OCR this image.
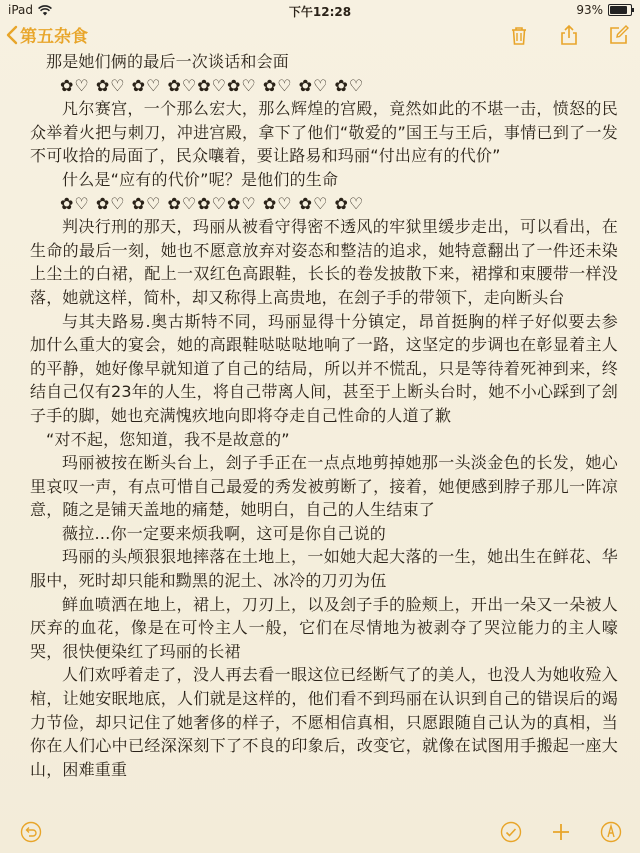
iPad	下午12:28	93%
第五杂食

那是她们俩的最后一次谈话和会面

✿♡ ✿♡ ✿♡ ✿♡✿♡✿♡ ✿♡ ✿♡ ✿♡

凡尔赛宫，一个那么宏大，那么辉煌的宫殿，竟然如此的不堪一击，愤怒的民众举着火把与刺刀，冲进宫殿，拿下了他们“敬爱的”国王与王后，事情已到了一发不可收拾的局面了，民众嚷着，要让路易和玛丽“付出应有的代价”

什么是“应有的代价”呢？是他们的生命

✿♡ ✿♡ ✿♡ ✿♡✿♡✿♡ ✿♡ ✿♡ ✿♡

判决行刑的那天，玛丽从被看守得密不透风的牢狱里缓步走出，可以看出，在生命的最后一刻，她也不愿意放弃对姿态和整洁的追求，她特意翻出了一件还未染上尘土的白裙，配上一双红色高跟鞋，长长的卷发披散下来，裙撑和束腰带一样没落，她就这样，简朴，却又称得上高贵地，在刽子手的带领下，走向断头台

与其夫路易.奥古斯特不同，玛丽显得十分镇定，昂首挺胸的样子好似要去参加什么重大的宴会，她的高跟鞋哒哒哒地响了一路，这坚定的步调也在彰显着主人的平静，她好像早就知道了自己的结局，所以并不慌乱，只是等待着死神到来，终结自己仅有23年的人生，将自己带离人间，甚至于上断头台时，她不小心踩到了刽子手的脚，她也充满愧疚地向即将夺走自己性命的人道了歉

“对不起，您知道，我不是故意的”

玛丽被按在断头台上，刽子手正在一点点地剪掉她那一头淡金色的长发，她心里哀叹一声，有点可惜自己最爱的秀发被剪断了，接着，她便感到脖子那儿一阵凉意，随之是铺天盖地的痛楚，她明白，自己的人生结束了

薇拉…你一定要来烦我啊，这可是你自己说的

玛丽的头颅狠狠地摔落在土地上，一如她大起大落的一生，她出生在鲜花、华服中，死时却只能和黝黑的泥土、冰冷的刀刃为伍

鲜血喷洒在地上，裙上，刀刃上，以及刽子手的脸颊上，开出一朵又一朵被人厌弃的血花，像是在可怜主人一般，它们在尽情地为被剥夺了哭泣能力的主人嚎哭，很快便染红了玛丽的长裙

人们欢呼着走了，没人再去看一眼这位已经断气了的美人，也没人为她收殓入棺，让她安眠地底，人们就是这样的，他们看不到玛丽在认识到自己的错误后的竭力节俭，却只记住了她奢侈的样子，不愿相信真相，只愿跟随自己认为的真相，当你在人们心中已经深深刻下了不良的印象后，改变它，就像在试图用手搬起一座大山，困难重重
